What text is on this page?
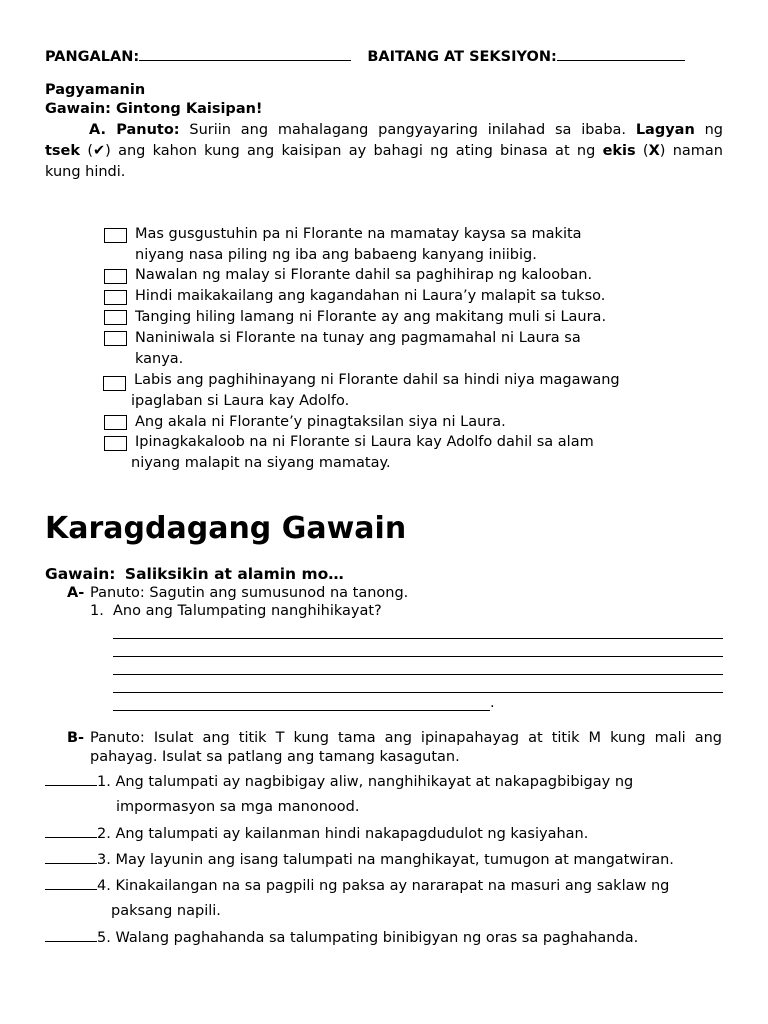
PANGALAN:	BAITANG AT SEKSIYON:
Pagyamanin
Gawain: Gintong Kaisipan!
A. Panuto: Suriin ang mahalagang pangyayaring inilahad sa ibaba. Lagyan ng
tsek (✔) ang kahon kung ang kaisipan ay bahagi ng ating binasa at ng ekis (X) naman
kung hindi.
Mas gusgustuhin pa ni Florante na mamatay kaysa sa makita
niyang nasa piling ng iba ang babaeng kanyang iniibig.
Nawalan ng malay si Florante dahil sa paghihirap ng kalooban.
Hindi maikakailang ang kagandahan ni Laura’y malapit sa tukso.
Tanging hiling lamang ni Florante ay ang makitang muli si Laura.
Naniniwala si Florante na tunay ang pagmamahal ni Laura sa
kanya.
Labis ang paghihinayang ni Florante dahil sa hindi niya magawang
ipaglaban si Laura kay Adolfo.
Ang akala ni Florante’y pinagtaksilan siya ni Laura.
Ipinagkakaloob na ni Florante si Laura kay Adolfo dahil sa alam
niyang malapit na siyang mamatay.
Karagdagang Gawain
Gawain: Saliksikin at alamin mo…
A- Panuto: Sagutin ang sumusunod na tanong.
1. Ano ang Talumpating nanghihikayat?
.
B- Panuto: Isulat ang titik T kung tama ang ipinapahayag at titik M kung mali ang
pahayag. Isulat sa patlang ang tamang kasagutan.
1. Ang talumpati ay nagbibigay aliw, nanghihikayat at nakapagbibigay ng
impormasyon sa mga manonood.
2. Ang talumpati ay kailanman hindi nakapagdudulot ng kasiyahan.
3. May layunin ang isang talumpati na manghikayat, tumugon at mangatwiran.
4. Kinakailangan na sa pagpili ng paksa ay nararapat na masuri ang saklaw ng
paksang napili.
5. Walang paghahanda sa talumpating binibigyan ng oras sa paghahanda.
